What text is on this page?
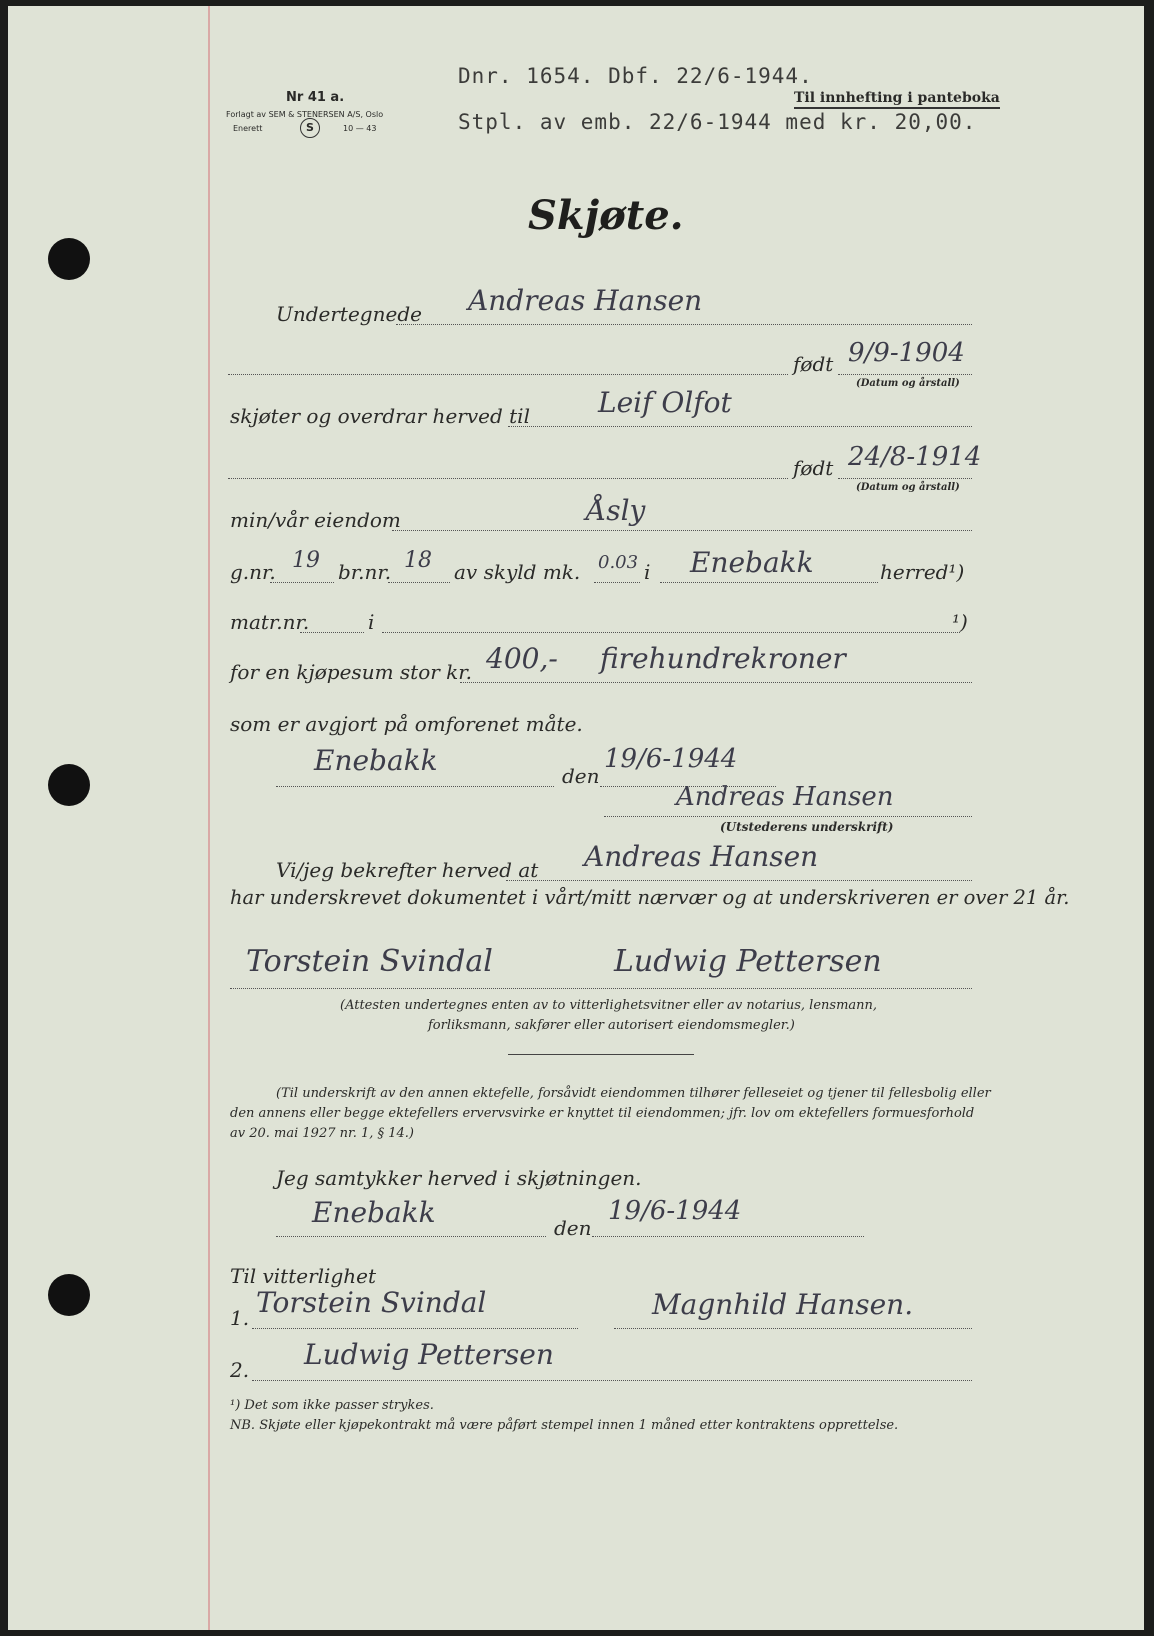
Nr 41 a.
Forlagt av SEM & STENERSEN A/S, Oslo
Enerett	S	10 — 43
Dnr. 1654. Dbf. 22/6-1944.
Stpl. av emb. 22/6-1944 med kr. 20,00.
Til innhefting i panteboka
Skjøte.
Undertegnede Andreas Hansen
født 9/9-1904
(Datum og årstall)
skjøter og overdrar herved til Leif Olfot
født 24/8-1914
(Datum og årstall)
min/vår eiendom	Åsly
g.nr. 19 br.nr. 18 av skyld mk. 0.03 i Enebakk	herred¹)
matr.nr.	i	¹)
for en kjøpesum stor kr. 400,- firehundrekroner
som er avgjort på omforenet måte.
Enebakk	den
19/6-1944
Andreas Hansen
(Utstederens underskrift)
Vi/jeg bekrefter herved at Andreas Hansen
har underskrevet dokumentet i vårt/mitt nærvær og at underskriveren er over 21 år.
Torstein Svindal	Ludwig Pettersen
(Attesten undertegnes enten av to vitterlighetsvitner eller av notarius, lensmann,
forliksmann, sakfører eller autorisert eiendomsmegler.)
(Til underskrift av den annen ektefelle, forsåvidt eiendommen tilhører felleseiet og tjener til fellesbolig eller
den annens eller begge ektefellers ervervsvirke er knyttet til eiendommen; jfr. lov om ektefellers formuesforhold
av 20. mai 1927 nr. 1, § 14.)
Jeg samtykker herved i skjøtningen.
Enebakk	den
19/6-1944
Til vitterlighet
1. Torstein Svindal	Magnhild Hansen.
2. Ludwig Pettersen
¹) Det som ikke passer strykes.
NB. Skjøte eller kjøpekontrakt må være påført stempel innen 1 måned etter kontraktens opprettelse.
